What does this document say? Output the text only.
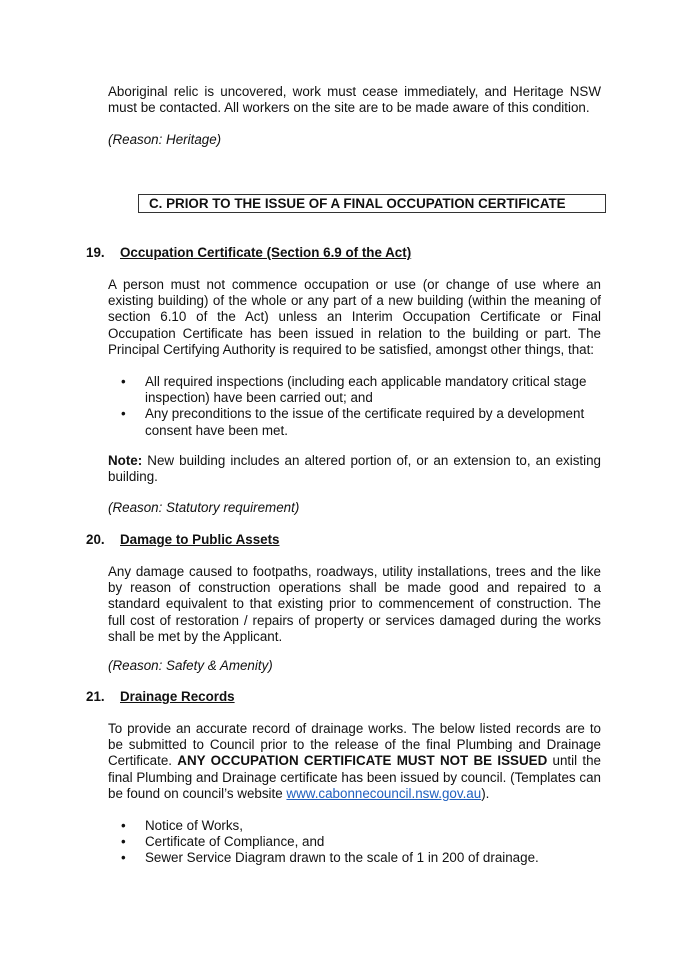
Aboriginal relic is uncovered, work must cease immediately, and Heritage NSW must be contacted. All workers on the site are to be made aware of this condition.

(Reason: Heritage)

C. PRIOR TO THE ISSUE OF A FINAL OCCUPATION CERTIFICATE
19. Occupation Certificate (Section 6.9 of the Act)

A person must not commence occupation or use (or change of use where an existing building) of the whole or any part of a new building (within the meaning of section 6.10 of the Act) unless an Interim Occupation Certificate or Final Occupation Certificate has been issued in relation to the building or part. The Principal Certifying Authority is required to be satisfied, amongst other things, that:

• All required inspections (including each applicable mandatory critical stage inspection) have been carried out; and
• Any preconditions to the issue of the certificate required by a development consent have been met.

Note: New building includes an altered portion of, or an extension to, an existing building.

(Reason: Statutory requirement)

20. Damage to Public Assets

Any damage caused to footpaths, roadways, utility installations, trees and the like by reason of construction operations shall be made good and repaired to a standard equivalent to that existing prior to commencement of construction. The full cost of restoration / repairs of property or services damaged during the works shall be met by the Applicant.

(Reason: Safety & Amenity)

21. Drainage Records

To provide an accurate record of drainage works. The below listed records are to be submitted to Council prior to the release of the final Plumbing and Drainage Certificate. ANY OCCUPATION CERTIFICATE MUST NOT BE ISSUED until the final Plumbing and Drainage certificate has been issued by council. (Templates can be found on council’s website www.cabonnecouncil.nsw.gov.au).

• Notice of Works,
• Certificate of Compliance, and
• Sewer Service Diagram drawn to the scale of 1 in 200 of drainage.
